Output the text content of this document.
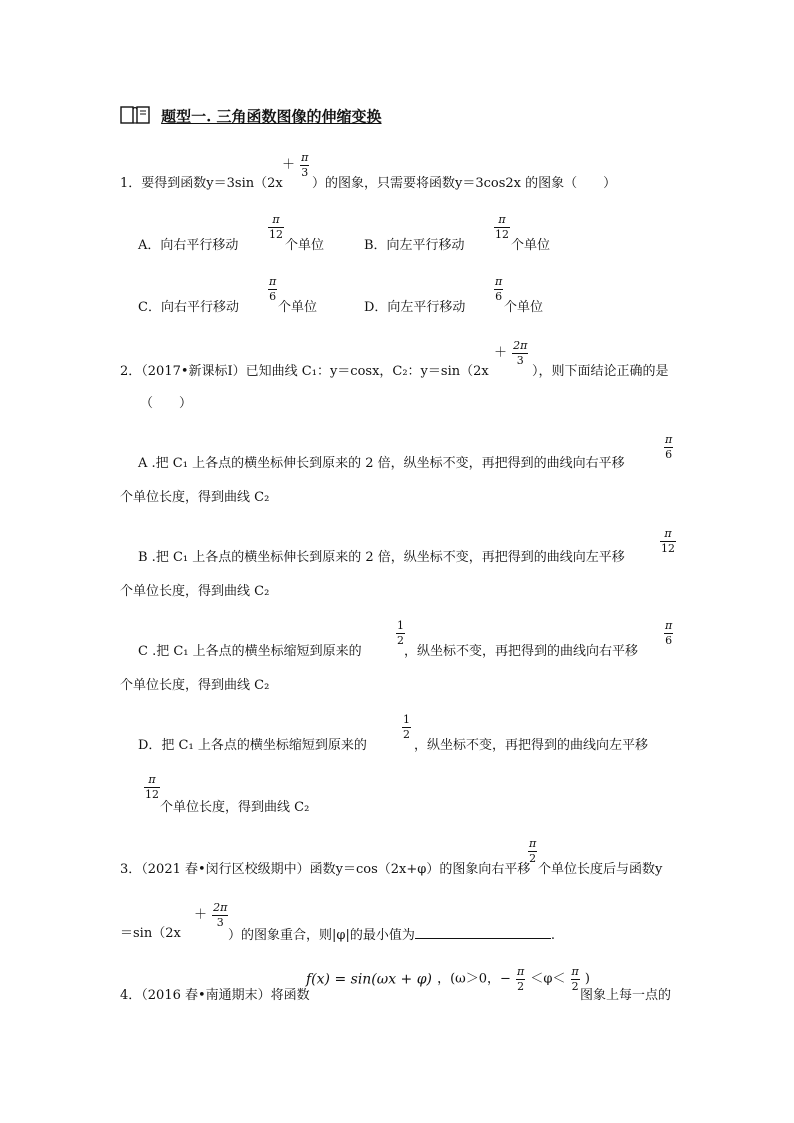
题型一. 三角函数图像的伸缩变换
1．要得到函数y＝3sin（2x
＋ $\frac{\pi}{3}$
）的图象，只需要将函数y＝3cos2x 的图象（　　）
A．向右平行移动
$\frac{\pi}{12}$
个单位	B．向左平行移动
$\frac{\pi}{12}$
个单位
C．向右平行移动
$\frac{\pi}{6}$
个单位	D．向左平行移动
$\frac{\pi}{6}$
个单位
2．（2017•新课标Ⅰ）已知曲线 C₁：y＝cosx，C₂：y＝sin（2x
＋ $\frac{2\pi}{3}$
），则下面结论正确的是
（　　）
A .把 C₁ 上各点的横坐标伸长到原来的 2 倍，纵坐标不变，再把得到的曲线向右平移
$\frac{\pi}{6}$
个单位长度，得到曲线 C₂
B .把 C₁ 上各点的横坐标伸长到原来的 2 倍，纵坐标不变，再把得到的曲线向左平移
$\frac{\pi}{12}$
个单位长度，得到曲线 C₂
C .把 C₁ 上各点的横坐标缩短到原来的
$\frac{1}{2}$
，纵坐标不变，再把得到的曲线向右平移
$\frac{\pi}{6}$
个单位长度，得到曲线 C₂
D．把 C₁ 上各点的横坐标缩短到原来的
$\frac{1}{2}$
，纵坐标不变，再把得到的曲线向左平移
$\frac{\pi}{12}$
个单位长度，得到曲线 C₂
3．（2021 春•闵行区校级期中）函数y＝cos（2x+φ）的图象向右平移
$\frac{\pi}{2}$
个单位长度后与函数y
＝sin（2x
＋ $\frac{2\pi}{3}$
）的图象重合，则|φ|的最小值为	.
4．（2016 春•南通期末）将函数
f(x) = sin(ωx + φ) ，(ω＞0，− $\frac{\pi}{2} <\varphi< \frac{\pi}{2}$ )
图象上每一点的
